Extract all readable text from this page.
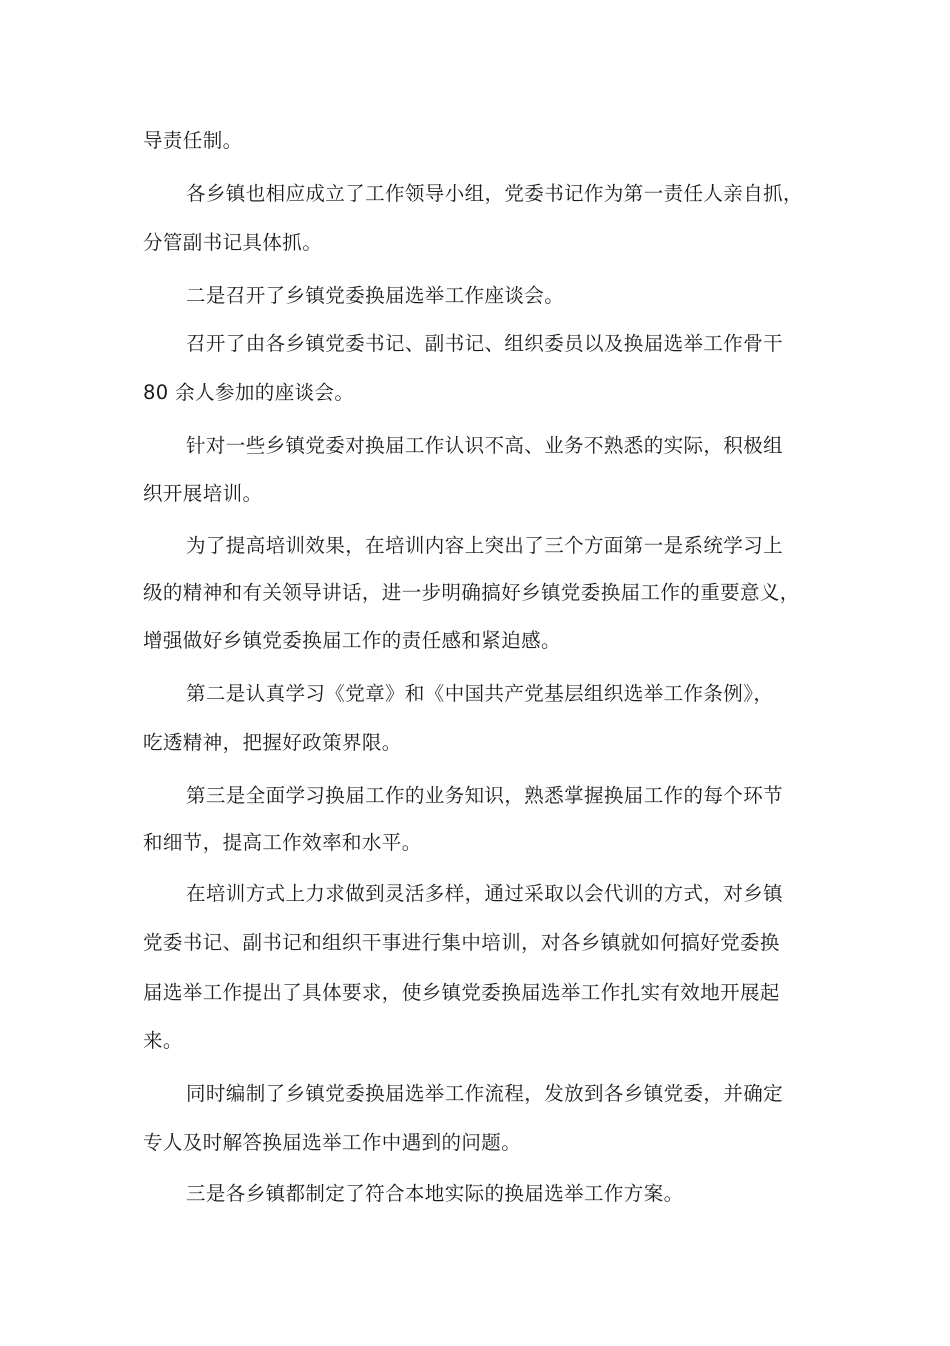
导责任制。
各乡镇也相应成立了工作领导小组，党委书记作为第一责任人亲自抓，
分管副书记具体抓。
二是召开了乡镇党委换届选举工作座谈会。
召开了由各乡镇党委书记、副书记、组织委员以及换届选举工作骨干
80 余人参加的座谈会。
针对一些乡镇党委对换届工作认识不高、业务不熟悉的实际，积极组
织开展培训。
为了提高培训效果，在培训内容上突出了三个方面第一是系统学习上
级的精神和有关领导讲话，进一步明确搞好乡镇党委换届工作的重要意义，
增强做好乡镇党委换届工作的责任感和紧迫感。
第二是认真学习《党章》和《中国共产党基层组织选举工作条例》，
吃透精神，把握好政策界限。
第三是全面学习换届工作的业务知识，熟悉掌握换届工作的每个环节
和细节，提高工作效率和水平。
在培训方式上力求做到灵活多样，通过采取以会代训的方式，对乡镇
党委书记、副书记和组织干事进行集中培训，对各乡镇就如何搞好党委换
届选举工作提出了具体要求，使乡镇党委换届选举工作扎实有效地开展起
来。
同时编制了乡镇党委换届选举工作流程，发放到各乡镇党委，并确定
专人及时解答换届选举工作中遇到的问题。
三是各乡镇都制定了符合本地实际的换届选举工作方案。
